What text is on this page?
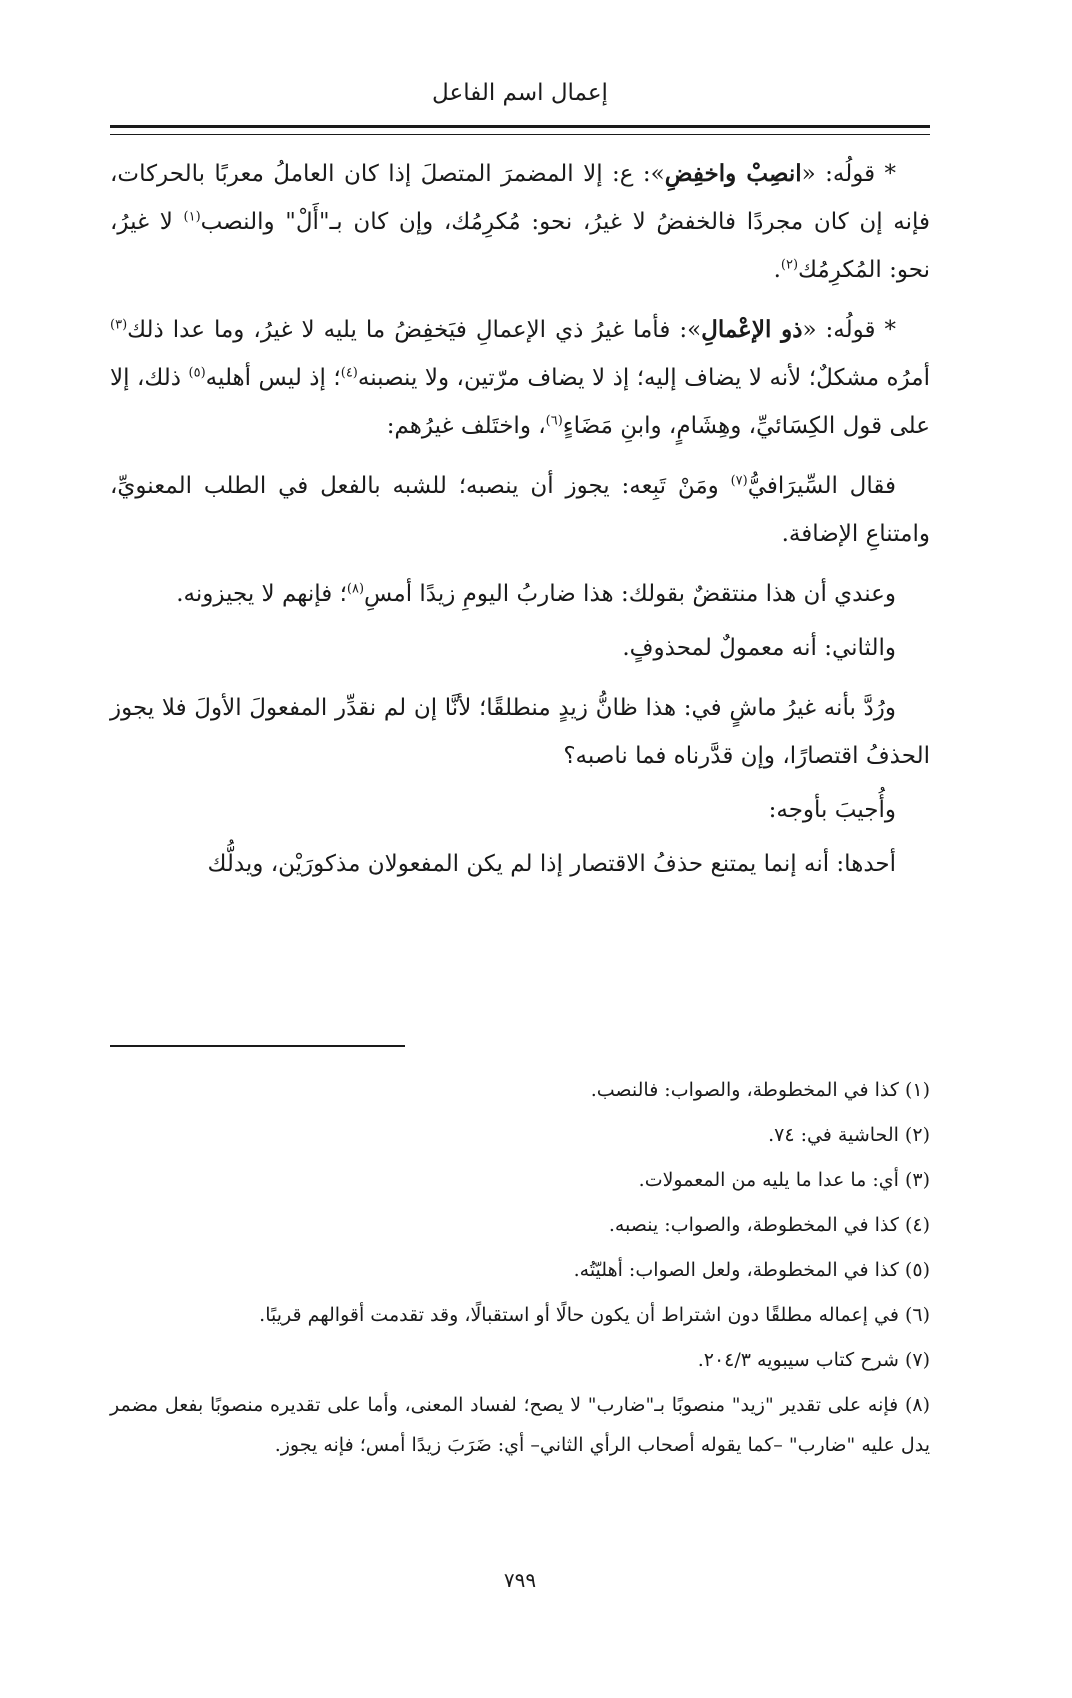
إعمال اسم الفاعل

* قولُه: «انصِبْ واخفِضِ»: ع: إلا المضمرَ المتصلَ إذا كان العاملُ معربًا بالحركات، فإنه إن كان مجردًا فالخفضُ لا غيرُ، نحو: مُكرِمُك، وإن كان بـ"أَلْ" والنصب$^{(١)}$ لا غيرُ، نحو: المُكرِمُك$^{(٢)}$.

* قولُه: «ذو الإعْمالِ»: فأما غيرُ ذي الإعمالِ فيَخفِضُ ما يليه لا غيرُ، وما عدا ذلك$^{(٣)}$ أمرُه مشكلٌ؛ لأنه لا يضاف إليه؛ إذ لا يضاف مرّتين، ولا ينصبنه$^{(٤)}$؛ إذ ليس أهليه$^{(٥)}$ ذلك، إلا على قول الكِسَائيِّ، وهِشَامٍ، وابنِ مَضَاءٍ$^{(٦)}$، واختَلف غيرُهم:

فقال السِّيرَافيُّ$^{(٧)}$ ومَنْ تَبِعه: يجوز أن ينصبه؛ للشبه بالفعل في الطلب المعنويِّ، وامتناعِ الإضافة.

وعندي أن هذا منتقضٌ بقولك: هذا ضاربُ اليومِ زيدًا أمسِ$^{(٨)}$؛ فإنهم لا يجيزونه.

والثاني: أنه معمولٌ لمحذوفٍ.

ورُدَّ بأنه غيرُ ماشٍ في: هذا ظانُّ زيدٍ منطلقًا؛ لأنَّا إن لم نقدِّر المفعولَ الأولَ فلا يجوز الحذفُ اقتصارًا، وإن قدَّرناه فما ناصبه؟

وأُجيبَ بأوجه:

أحدها: أنه إنما يمتنع حذفُ الاقتصار إذا لم يكن المفعولان مذكورَيْن، ويدلُّك

(١) كذا في المخطوطة، والصواب: فالنصب.
(٢) الحاشية في: ٧٤.
(٣) أي: ما عدا ما يليه من المعمولات.
(٤) كذا في المخطوطة، والصواب: ينصبه.
(٥) كذا في المخطوطة، ولعل الصواب: أهليّتُه.
(٦) في إعماله مطلقًا دون اشتراط أن يكون حالًا أو استقبالًا، وقد تقدمت أقوالهم قريبًا.
(٧) شرح كتاب سيبويه ٢٠٤/٣.
(٨) فإنه على تقدير "زيد" منصوبًا بـ"ضارب" لا يصح؛ لفساد المعنى، وأما على تقديره منصوبًا بفعل مضمر يدل عليه "ضارب" –كما يقوله أصحاب الرأي الثاني– أي: ضَرَبَ زيدًا أمس؛ فإنه يجوز.
٧٩٩
